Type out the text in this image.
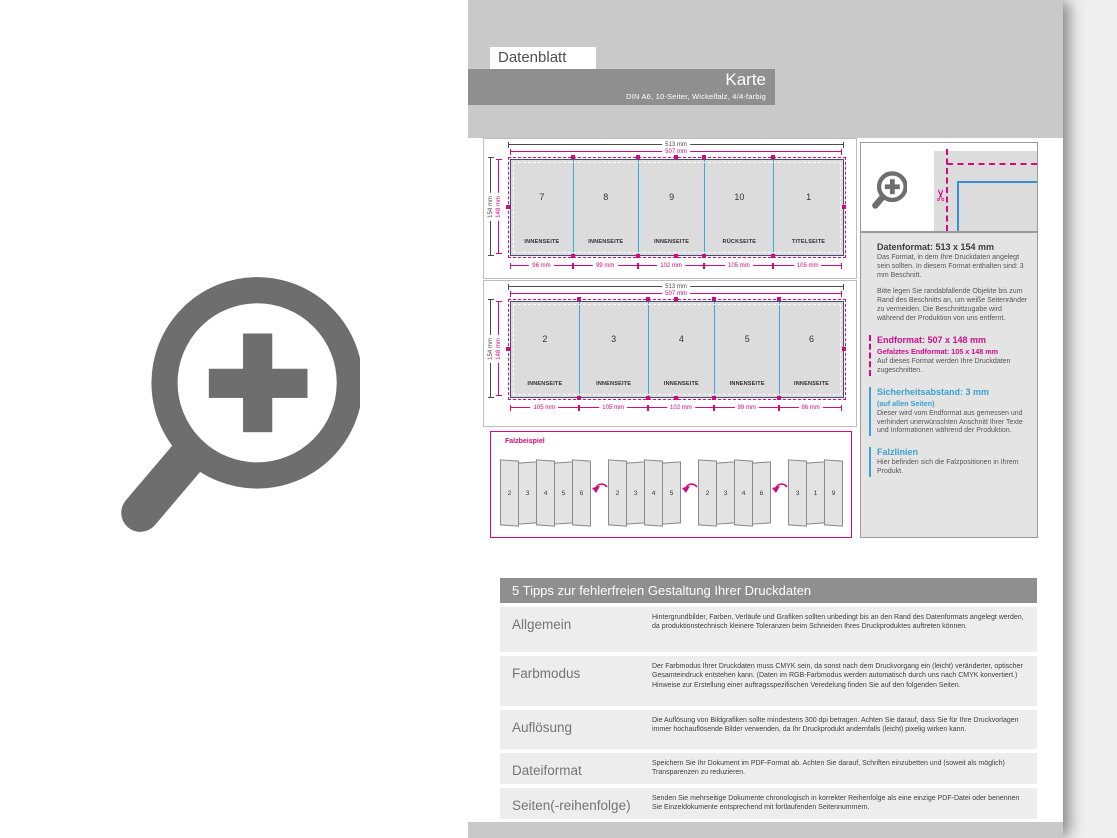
Datenblatt
Karte
DIN A6, 10-Seiter, Wickelfalz, 4/4-farbig
513 mm
507 mm
154 mm 148 mm	7
INNENSEITE
8
INNENSEITE
9
INNENSEITE
10
RÜCKSEITE
1
TITELSEITE
96 mm	99 mm	102 mm	105 mm	105 mm
513 mm
507 mm
154 mm 148 mm	2
INNENSEITE
3
INNENSEITE
4
INNENSEITE
5
INNENSEITE
6
INNENSEITE
105 mm	105 mm	102 mm	99 mm	96 mm
Falzbeispiel
2	3	4	5	6	2	3	4	5	2	3	4	6	3	1	9
✂
Datenformat: 513 x 154 mm

Das Format, in dem Ihre Druckdaten angelegt sein sollten. In diesem Format enthalten sind: 3 mm Beschnitt.

Bitte legen Sie randabfallende Objekte bis zum Rand des Beschnitts an, um weiße Seitenränder zu vermeiden. Die Beschnittzugabe wird während der Produktion von uns entfernt.

Endformat: 507 x 148 mm
Gefalztes Endformat: 105 x 148 mm

Auf dieses Format werden Ihre Druckdaten zugeschnitten.

Sicherheitsabstand: 3 mm
(auf allen Seiten)

Dieser wird vom Endformat aus gemessen und verhindert unerwünschten Anschnitt Ihrer Texte und Informationen während der Produktion.

Falzlinien

Hier befinden sich die Falzpositionen in Ihrem Produkt.

5 Tipps zur fehlerfreien Gestaltung Ihrer Druckdaten
Allgemein	Hintergrundbilder, Farben, Verläufe und Grafiken sollten unbedingt bis an den Rand des Datenformats angelegt werden, da produktionstechnisch kleinere Toleranzen beim Schneiden Ihres Druckproduktes auftreten können.
Farbmodus	Der Farbmodus Ihrer Druckdaten muss CMYK sein, da sonst nach dem Druckvorgang ein (leicht) veränderter, optischer Gesamteindruck entstehen kann. (Daten im RGB-Farbmodus werden automatisch durch uns nach CMYK konvertiert.) Hinweise zur Erstellung einer auftragsspezifischen Veredelung finden Sie auf den folgenden Seiten.
Auflösung	Die Auflösung von Bildgrafiken sollte mindestens 300 dpi betragen. Achten Sie darauf, dass Sie für Ihre Druckvorlagen immer hochauflösende Bilder verwenden, da Ihr Druckprodukt andernfalls (leicht) pixelig wirken kann.
Dateiformat	Speichern Sie Ihr Dokument im PDF-Format ab. Achten Sie darauf, Schriften einzubetten und (soweit als möglich) Transparenzen zu reduzieren.
Seiten(-reihenfolge)	Senden Sie mehrseitige Dokumente chronologisch in korrekter Reihenfolge als eine einzige PDF-Datei oder benennen Sie Einzeldokumente entsprechend mit fortlaufenden Seitennummern.
